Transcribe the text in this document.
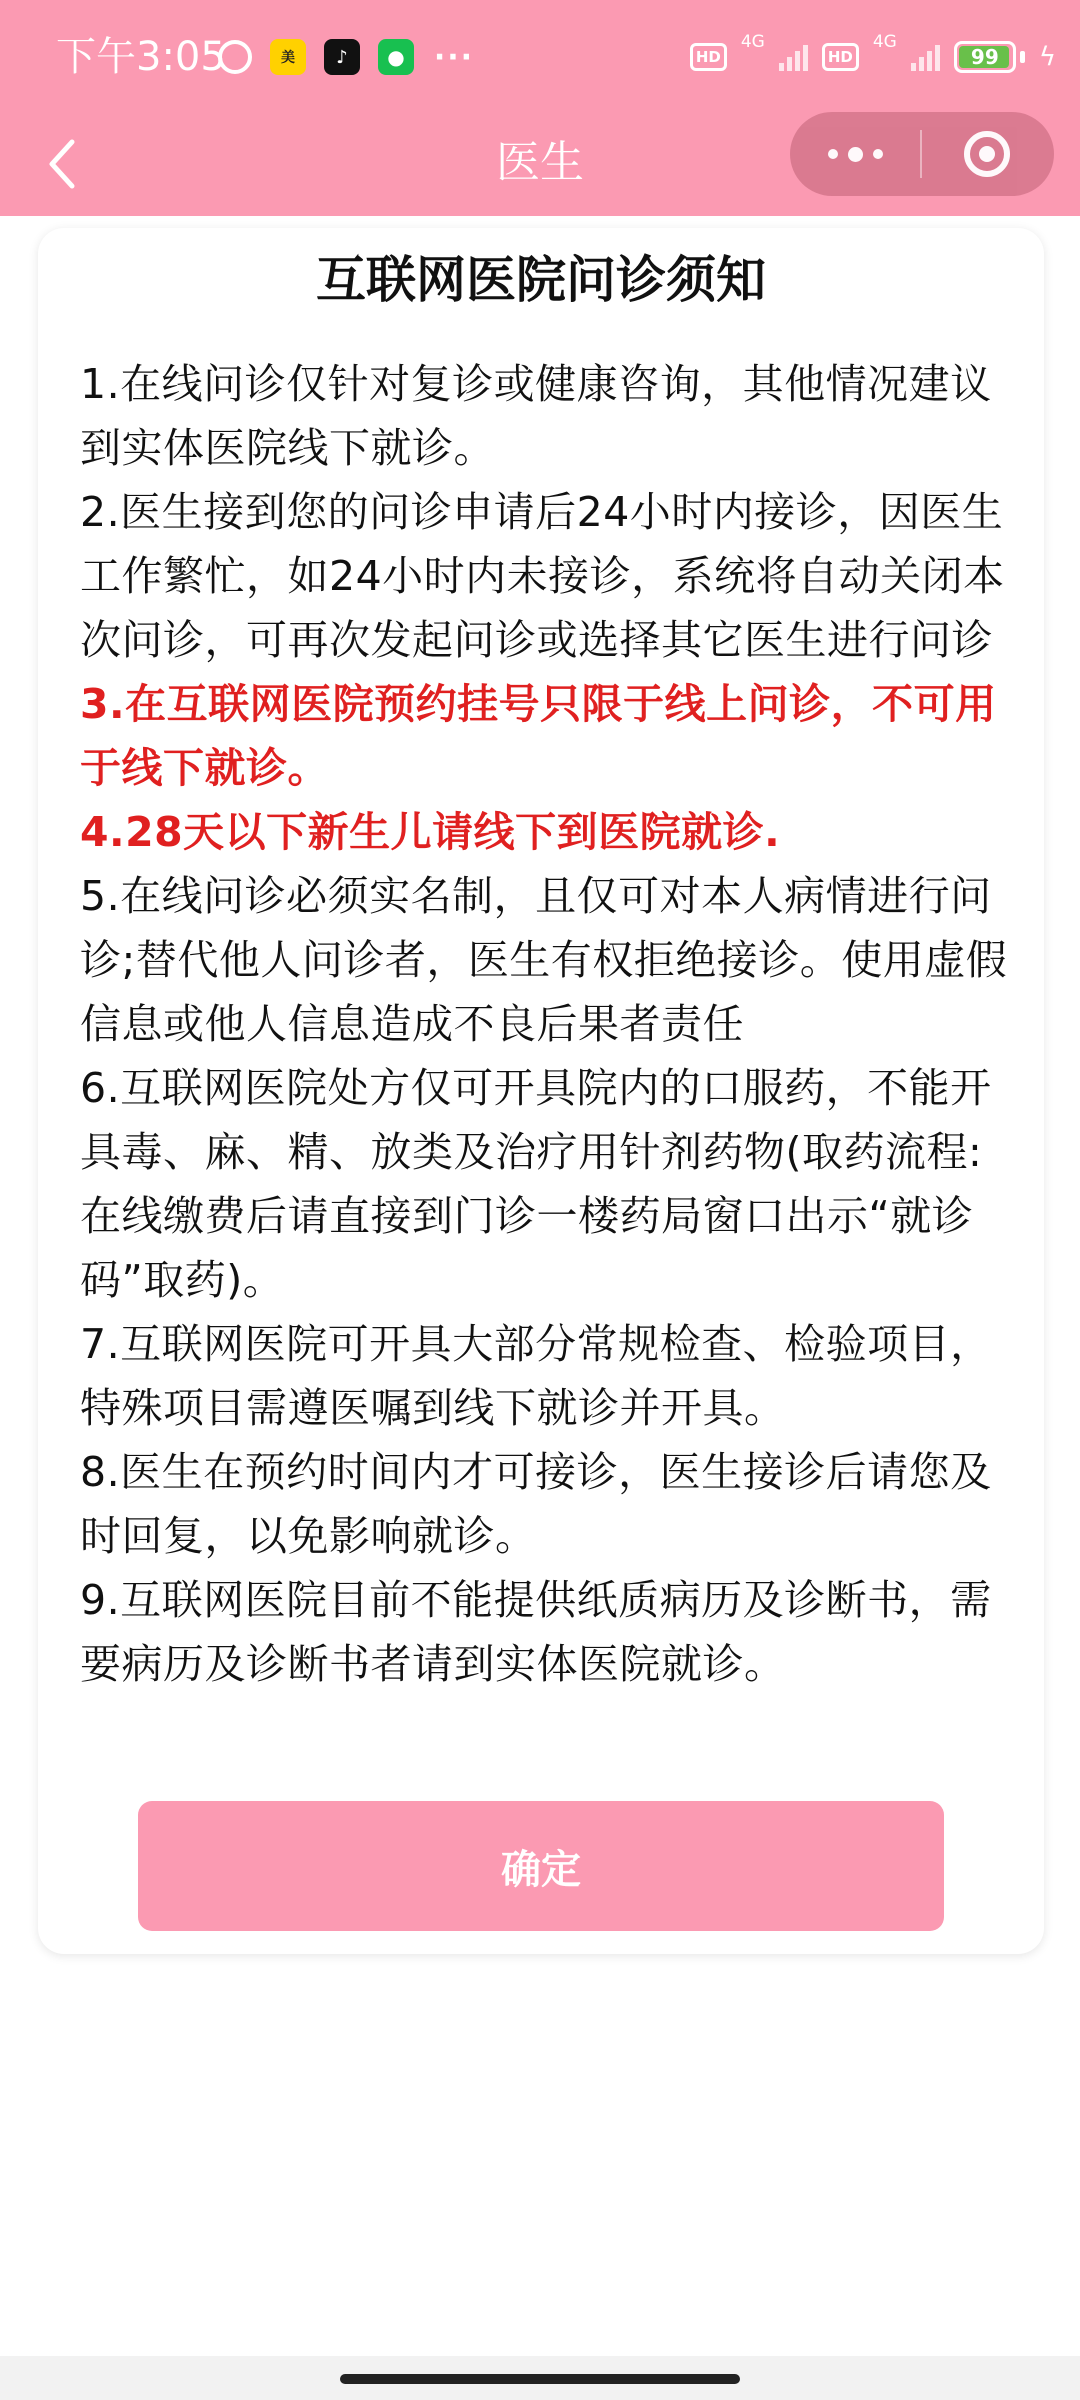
下午3:05	美	♪	● ···	HD
4G
HD
4G
99 ϟ
医生
互联网医院问诊须知
1.在线问诊仅针对复诊或健康咨询，其他情况建议到实体医院线下就诊。
2.医生接到您的问诊申请后24小时内接诊，因医生工作繁忙，如24小时内未接诊，系统将自动关闭本次问诊，可再次发起问诊或选择其它医生进行问诊
3.在互联网医院预约挂号只限于线上问诊，不可用于线下就诊。
4.28天以下新生儿请线下到医院就诊.
5.在线问诊必须实名制，且仅可对本人病情进行问诊;替代他人问诊者，医生有权拒绝接诊。使用虚假信息或他人信息造成不良后果者责任
6.互联网医院处方仅可开具院内的口服药，不能开具毒、麻、精、放类及治疗用针剂药物(取药流程:在线缴费后请直接到门诊一楼药局窗口出示“就诊码”取药)。
7.互联网医院可开具大部分常规检查、检验项目，特殊项目需遵医嘱到线下就诊并开具。
8.医生在预约时间内才可接诊，医生接诊后请您及时回复，以免影响就诊。
9.互联网医院目前不能提供纸质病历及诊断书，需要病历及诊断书者请到实体医院就诊。
确定
